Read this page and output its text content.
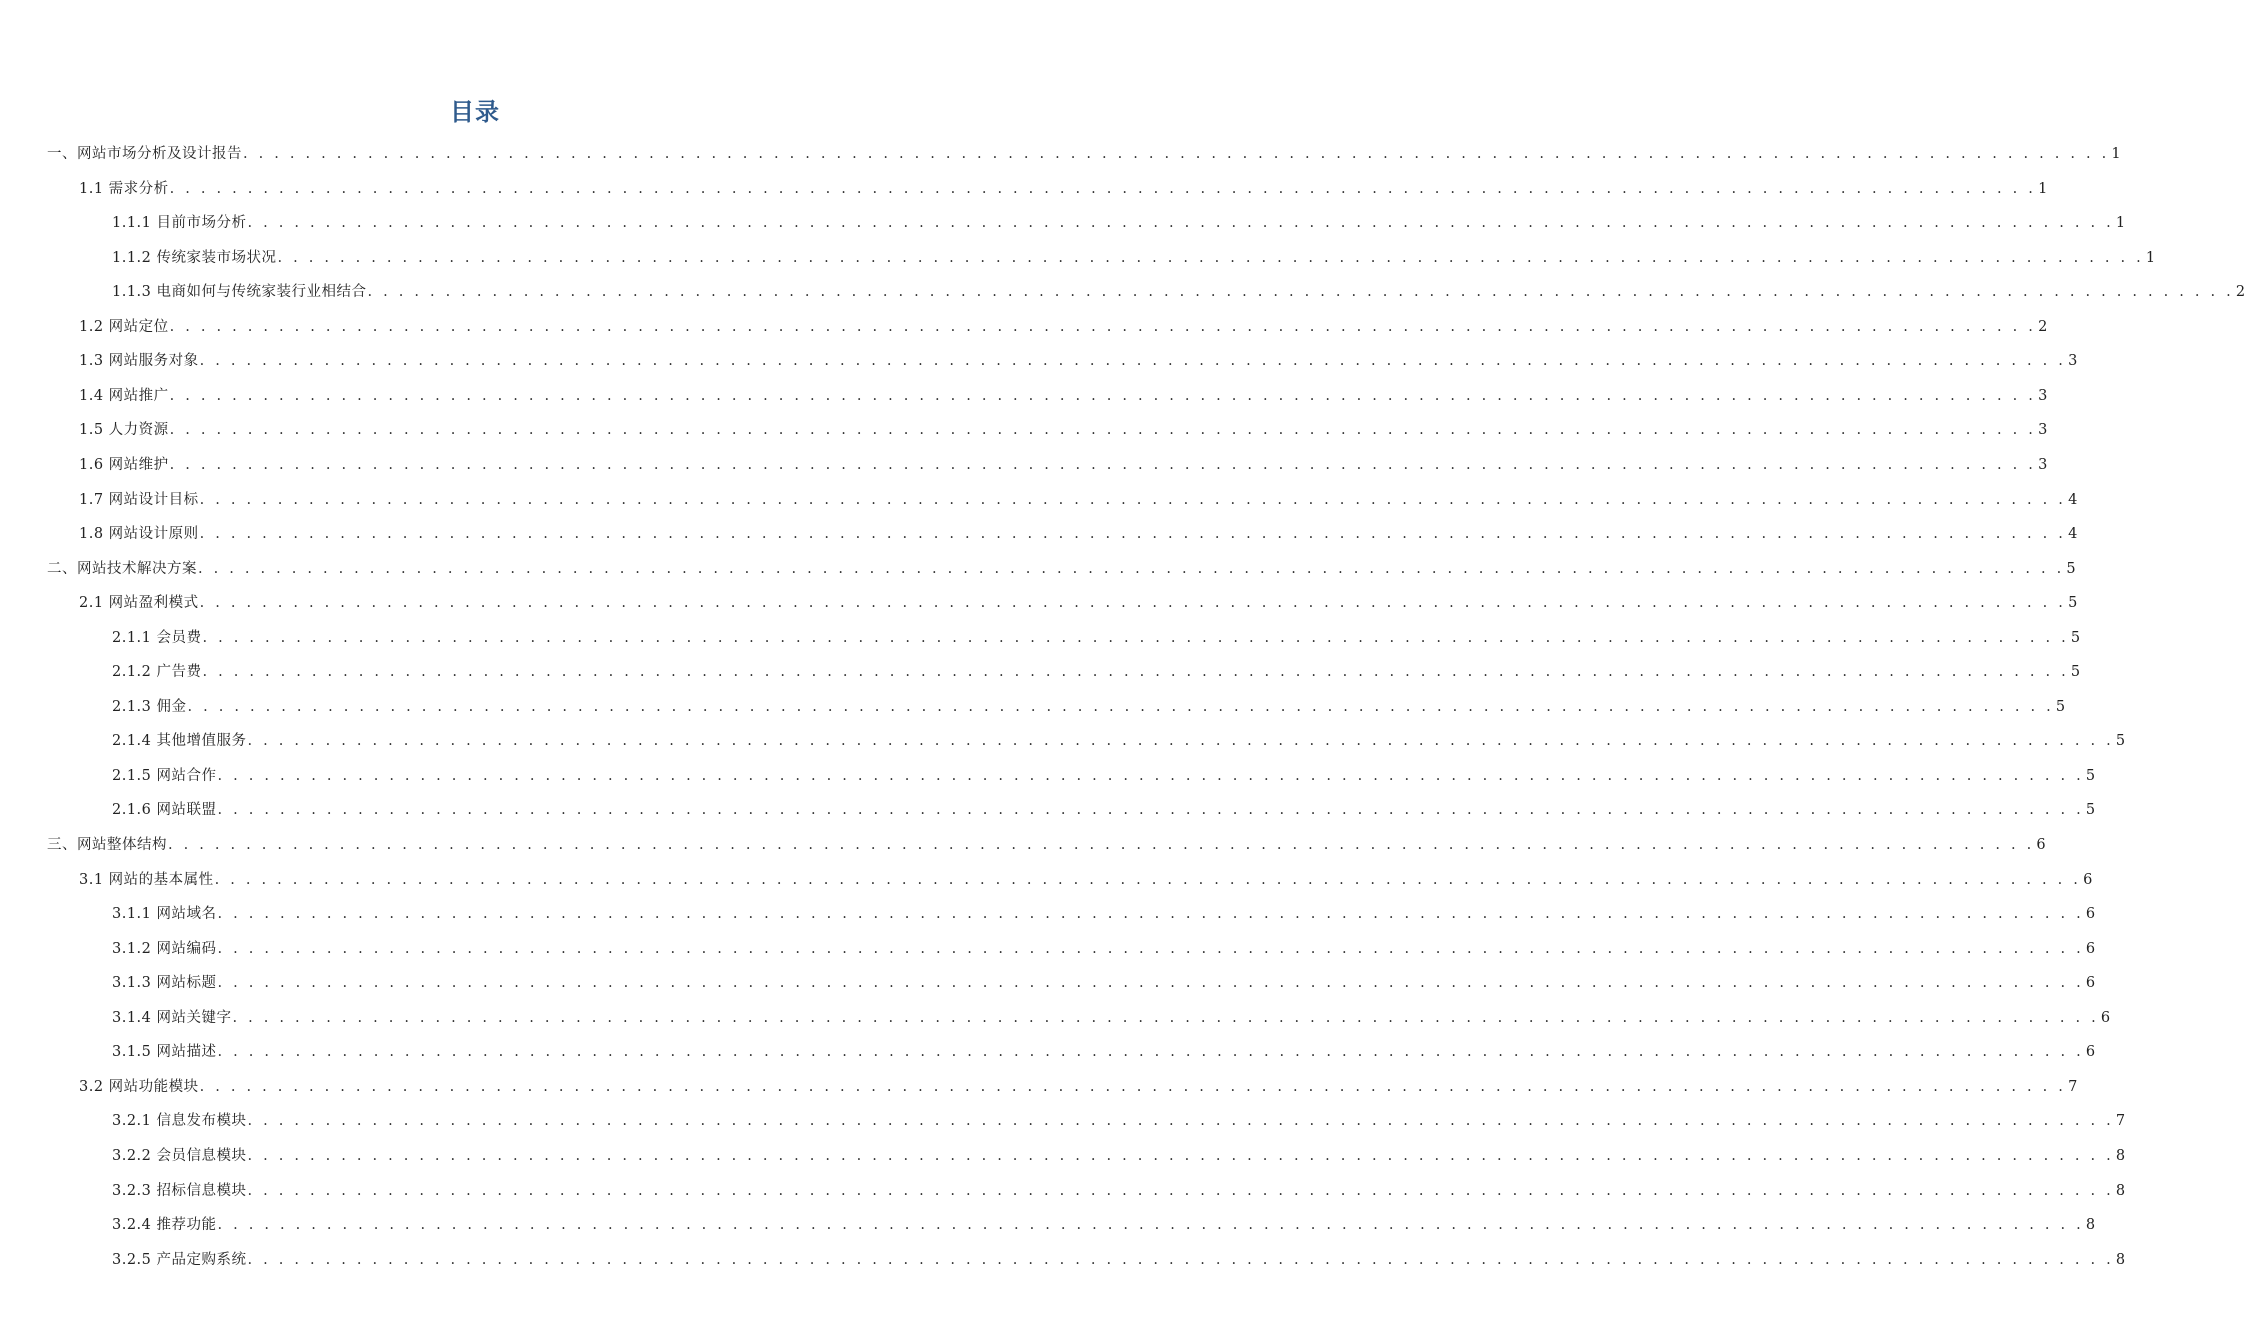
目录
一、网站市场分析及设计报告 . . . . . . . . . . . . . . . . . . . . . . . . . . . . . . . . . . . . . . . . . . . . . . . . . . . . . . . . . . . . . . . . . . . . . . . . . . . . . . . . . . . . . . . . . . . . . . . . . . . . . . . . . . . . . . . . . . . . . . . . 1
1.1 需求分析 . . . . . . . . . . . . . . . . . . . . . . . . . . . . . . . . . . . . . . . . . . . . . . . . . . . . . . . . . . . . . . . . . . . . . . . . . . . . . . . . . . . . . . . . . . . . . . . . . . . . . . . . . . . . . . . . . . . . . . . . 1
1.1.1 目前市场分析 . . . . . . . . . . . . . . . . . . . . . . . . . . . . . . . . . . . . . . . . . . . . . . . . . . . . . . . . . . . . . . . . . . . . . . . . . . . . . . . . . . . . . . . . . . . . . . . . . . . . . . . . . . . . . . . . . . . . . . . . 1
1.1.2 传统家装市场状况 . . . . . . . . . . . . . . . . . . . . . . . . . . . . . . . . . . . . . . . . . . . . . . . . . . . . . . . . . . . . . . . . . . . . . . . . . . . . . . . . . . . . . . . . . . . . . . . . . . . . . . . . . . . . . . . . . . . . . . . . 1
1.1.3 电商如何与传统家装行业相结合 . . . . . . . . . . . . . . . . . . . . . . . . . . . . . . . . . . . . . . . . . . . . . . . . . . . . . . . . . . . . . . . . . . . . . . . . . . . . . . . . . . . . . . . . . . . . . . . . . . . . . . . . . . . . . . . . . . . . . . . . 2
1.2 网站定位 . . . . . . . . . . . . . . . . . . . . . . . . . . . . . . . . . . . . . . . . . . . . . . . . . . . . . . . . . . . . . . . . . . . . . . . . . . . . . . . . . . . . . . . . . . . . . . . . . . . . . . . . . . . . . . . . . . . . . . . . 2
1.3 网站服务对象 . . . . . . . . . . . . . . . . . . . . . . . . . . . . . . . . . . . . . . . . . . . . . . . . . . . . . . . . . . . . . . . . . . . . . . . . . . . . . . . . . . . . . . . . . . . . . . . . . . . . . . . . . . . . . . . . . . . . . . . . 3
1.4 网站推广 . . . . . . . . . . . . . . . . . . . . . . . . . . . . . . . . . . . . . . . . . . . . . . . . . . . . . . . . . . . . . . . . . . . . . . . . . . . . . . . . . . . . . . . . . . . . . . . . . . . . . . . . . . . . . . . . . . . . . . . . 3
1.5 人力资源 . . . . . . . . . . . . . . . . . . . . . . . . . . . . . . . . . . . . . . . . . . . . . . . . . . . . . . . . . . . . . . . . . . . . . . . . . . . . . . . . . . . . . . . . . . . . . . . . . . . . . . . . . . . . . . . . . . . . . . . . 3
1.6 网站维护 . . . . . . . . . . . . . . . . . . . . . . . . . . . . . . . . . . . . . . . . . . . . . . . . . . . . . . . . . . . . . . . . . . . . . . . . . . . . . . . . . . . . . . . . . . . . . . . . . . . . . . . . . . . . . . . . . . . . . . . . 3
1.7 网站设计目标 . . . . . . . . . . . . . . . . . . . . . . . . . . . . . . . . . . . . . . . . . . . . . . . . . . . . . . . . . . . . . . . . . . . . . . . . . . . . . . . . . . . . . . . . . . . . . . . . . . . . . . . . . . . . . . . . . . . . . . . . 4
1.8 网站设计原则 . . . . . . . . . . . . . . . . . . . . . . . . . . . . . . . . . . . . . . . . . . . . . . . . . . . . . . . . . . . . . . . . . . . . . . . . . . . . . . . . . . . . . . . . . . . . . . . . . . . . . . . . . . . . . . . . . . . . . . . . 4
二、网站技术解决方案 . . . . . . . . . . . . . . . . . . . . . . . . . . . . . . . . . . . . . . . . . . . . . . . . . . . . . . . . . . . . . . . . . . . . . . . . . . . . . . . . . . . . . . . . . . . . . . . . . . . . . . . . . . . . . . . . . . . . . . . . 5
2.1 网站盈利模式 . . . . . . . . . . . . . . . . . . . . . . . . . . . . . . . . . . . . . . . . . . . . . . . . . . . . . . . . . . . . . . . . . . . . . . . . . . . . . . . . . . . . . . . . . . . . . . . . . . . . . . . . . . . . . . . . . . . . . . . . 5
2.1.1 会员费 . . . . . . . . . . . . . . . . . . . . . . . . . . . . . . . . . . . . . . . . . . . . . . . . . . . . . . . . . . . . . . . . . . . . . . . . . . . . . . . . . . . . . . . . . . . . . . . . . . . . . . . . . . . . . . . . . . . . . . . . 5
2.1.2 广告费 . . . . . . . . . . . . . . . . . . . . . . . . . . . . . . . . . . . . . . . . . . . . . . . . . . . . . . . . . . . . . . . . . . . . . . . . . . . . . . . . . . . . . . . . . . . . . . . . . . . . . . . . . . . . . . . . . . . . . . . . 5
2.1.3 佣金 . . . . . . . . . . . . . . . . . . . . . . . . . . . . . . . . . . . . . . . . . . . . . . . . . . . . . . . . . . . . . . . . . . . . . . . . . . . . . . . . . . . . . . . . . . . . . . . . . . . . . . . . . . . . . . . . . . . . . . . . 5
2.1.4 其他增值服务 . . . . . . . . . . . . . . . . . . . . . . . . . . . . . . . . . . . . . . . . . . . . . . . . . . . . . . . . . . . . . . . . . . . . . . . . . . . . . . . . . . . . . . . . . . . . . . . . . . . . . . . . . . . . . . . . . . . . . . . . 5
2.1.5 网站合作 . . . . . . . . . . . . . . . . . . . . . . . . . . . . . . . . . . . . . . . . . . . . . . . . . . . . . . . . . . . . . . . . . . . . . . . . . . . . . . . . . . . . . . . . . . . . . . . . . . . . . . . . . . . . . . . . . . . . . . . . 5
2.1.6 网站联盟 . . . . . . . . . . . . . . . . . . . . . . . . . . . . . . . . . . . . . . . . . . . . . . . . . . . . . . . . . . . . . . . . . . . . . . . . . . . . . . . . . . . . . . . . . . . . . . . . . . . . . . . . . . . . . . . . . . . . . . . . 5
三、网站整体结构 . . . . . . . . . . . . . . . . . . . . . . . . . . . . . . . . . . . . . . . . . . . . . . . . . . . . . . . . . . . . . . . . . . . . . . . . . . . . . . . . . . . . . . . . . . . . . . . . . . . . . . . . . . . . . . . . . . . . . . . . 6
3.1 网站的基本属性 . . . . . . . . . . . . . . . . . . . . . . . . . . . . . . . . . . . . . . . . . . . . . . . . . . . . . . . . . . . . . . . . . . . . . . . . . . . . . . . . . . . . . . . . . . . . . . . . . . . . . . . . . . . . . . . . . . . . . . . . 6
3.1.1 网站域名 . . . . . . . . . . . . . . . . . . . . . . . . . . . . . . . . . . . . . . . . . . . . . . . . . . . . . . . . . . . . . . . . . . . . . . . . . . . . . . . . . . . . . . . . . . . . . . . . . . . . . . . . . . . . . . . . . . . . . . . . 6
3.1.2 网站编码 . . . . . . . . . . . . . . . . . . . . . . . . . . . . . . . . . . . . . . . . . . . . . . . . . . . . . . . . . . . . . . . . . . . . . . . . . . . . . . . . . . . . . . . . . . . . . . . . . . . . . . . . . . . . . . . . . . . . . . . . 6
3.1.3 网站标题 . . . . . . . . . . . . . . . . . . . . . . . . . . . . . . . . . . . . . . . . . . . . . . . . . . . . . . . . . . . . . . . . . . . . . . . . . . . . . . . . . . . . . . . . . . . . . . . . . . . . . . . . . . . . . . . . . . . . . . . . 6
3.1.4 网站关键字 . . . . . . . . . . . . . . . . . . . . . . . . . . . . . . . . . . . . . . . . . . . . . . . . . . . . . . . . . . . . . . . . . . . . . . . . . . . . . . . . . . . . . . . . . . . . . . . . . . . . . . . . . . . . . . . . . . . . . . . . 6
3.1.5 网站描述 . . . . . . . . . . . . . . . . . . . . . . . . . . . . . . . . . . . . . . . . . . . . . . . . . . . . . . . . . . . . . . . . . . . . . . . . . . . . . . . . . . . . . . . . . . . . . . . . . . . . . . . . . . . . . . . . . . . . . . . . 6
3.2 网站功能模块 . . . . . . . . . . . . . . . . . . . . . . . . . . . . . . . . . . . . . . . . . . . . . . . . . . . . . . . . . . . . . . . . . . . . . . . . . . . . . . . . . . . . . . . . . . . . . . . . . . . . . . . . . . . . . . . . . . . . . . . . 7
3.2.1 信息发布模块 . . . . . . . . . . . . . . . . . . . . . . . . . . . . . . . . . . . . . . . . . . . . . . . . . . . . . . . . . . . . . . . . . . . . . . . . . . . . . . . . . . . . . . . . . . . . . . . . . . . . . . . . . . . . . . . . . . . . . . . . 7
3.2.2 会员信息模块 . . . . . . . . . . . . . . . . . . . . . . . . . . . . . . . . . . . . . . . . . . . . . . . . . . . . . . . . . . . . . . . . . . . . . . . . . . . . . . . . . . . . . . . . . . . . . . . . . . . . . . . . . . . . . . . . . . . . . . . . 8
3.2.3 招标信息模块 . . . . . . . . . . . . . . . . . . . . . . . . . . . . . . . . . . . . . . . . . . . . . . . . . . . . . . . . . . . . . . . . . . . . . . . . . . . . . . . . . . . . . . . . . . . . . . . . . . . . . . . . . . . . . . . . . . . . . . . . 8
3.2.4 推荐功能 . . . . . . . . . . . . . . . . . . . . . . . . . . . . . . . . . . . . . . . . . . . . . . . . . . . . . . . . . . . . . . . . . . . . . . . . . . . . . . . . . . . . . . . . . . . . . . . . . . . . . . . . . . . . . . . . . . . . . . . . 8
3.2.5 产品定购系统 . . . . . . . . . . . . . . . . . . . . . . . . . . . . . . . . . . . . . . . . . . . . . . . . . . . . . . . . . . . . . . . . . . . . . . . . . . . . . . . . . . . . . . . . . . . . . . . . . . . . . . . . . . . . . . . . . . . . . . . . 8
